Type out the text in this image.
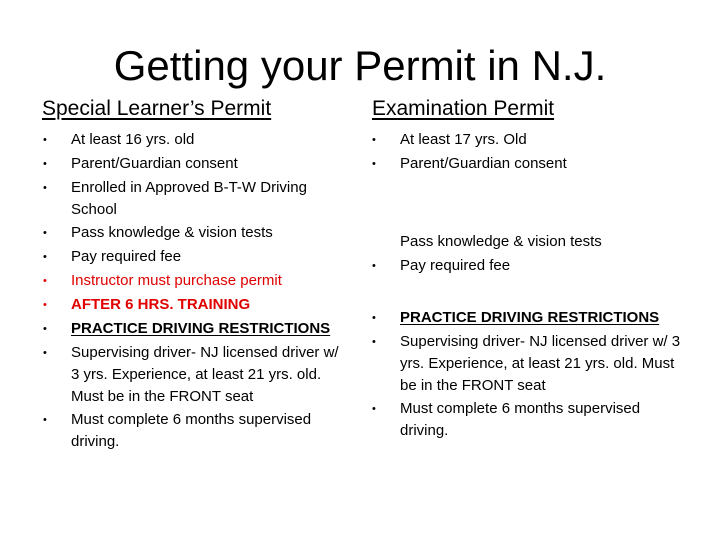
Getting your Permit in N.J.
Special Learner’s Permit	Examination Permit
•	At least 16 yrs. old
•	Parent/Guardian consent
•	Enrolled in Approved B-T-W Driving School
•	Pass knowledge & vision tests
•	Pay required fee
•	Instructor must purchase permit
•	AFTER 6 HRS. TRAINING
•	PRACTICE DRIVING RESTRICTIONS
•	Supervising driver- NJ licensed driver w/ 3 yrs. Experience, at least 21 yrs. old. Must be in the FRONT seat
•	Must complete 6 months supervised driving.
•	At least 17 yrs. Old
•	Parent/Guardian consent
Pass knowledge & vision tests
•	Pay required fee
•	PRACTICE DRIVING RESTRICTIONS
•	Supervising driver- NJ licensed driver w/ 3 yrs. Experience, at least 21 yrs. old. Must be in the FRONT seat
•	Must complete 6 months supervised driving.
